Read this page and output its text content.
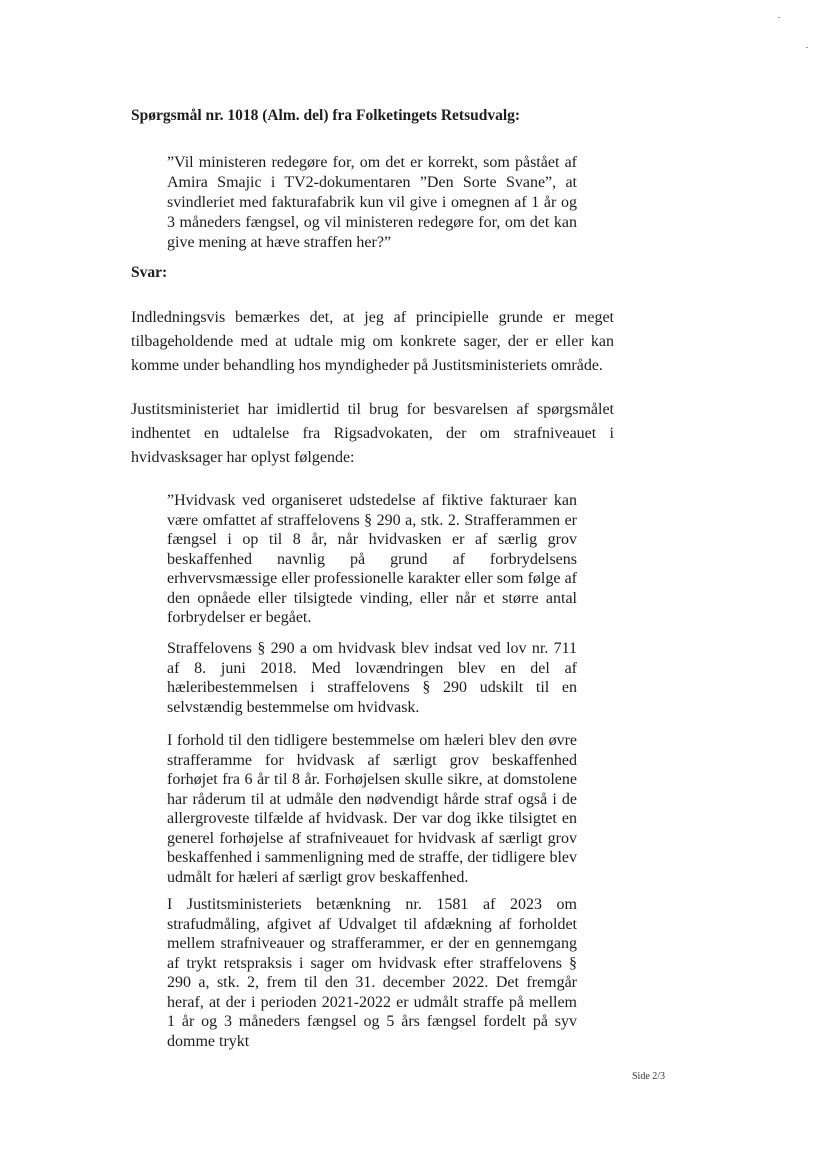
Spørgsmål nr. 1018 (Alm. del) fra Folketingets Retsudvalg:
”Vil ministeren redegøre for, om det er korrekt, som påstået af Amira Smajic i TV2-dokumentaren ”Den Sorte Svane”, at svindleriet med fakturafabrik kun vil give i omegnen af 1 år og 3 måneders fængsel, og vil ministeren redegøre for, om det kan give mening at hæve straffen her?”
Svar:
Indledningsvis bemærkes det, at jeg af principielle grunde er meget tilbageholdende med at udtale mig om konkrete sager, der er eller kan komme under behandling hos myndigheder på Justitsministeriets område.
Justitsministeriet har imidlertid til brug for besvarelsen af spørgsmålet indhentet en udtalelse fra Rigsadvokaten, der om strafniveauet i hvidvasksager har oplyst følgende:
”Hvidvask ved organiseret udstedelse af fiktive fakturaer kan være omfattet af straffelovens § 290 a, stk. 2. Strafferammen er fængsel i op til 8 år, når hvidvasken er af særlig grov beskaffenhed navnlig på grund af forbrydelsens erhvervsmæssige eller professionelle karakter eller som følge af den opnåede eller tilsigtede vinding, eller når et større antal forbrydelser er begået.
Straffelovens § 290 a om hvidvask blev indsat ved lov nr. 711 af 8. juni 2018. Med lovændringen blev en del af hæleribestemmelsen i straffelovens § 290 udskilt til en selvstændig bestemmelse om hvidvask.
I forhold til den tidligere bestemmelse om hæleri blev den øvre strafferamme for hvidvask af særligt grov beskaffenhed forhøjet fra 6 år til 8 år. Forhøjelsen skulle sikre, at domstolene har råderum til at udmåle den nødvendigt hårde straf også i de allergroveste tilfælde af hvidvask. Der var dog ikke tilsigtet en generel forhøjelse af strafniveauet for hvidvask af særligt grov beskaffenhed i sammenligning med de straffe, der tidligere blev udmålt for hæleri af særligt grov beskaffenhed.
I Justitsministeriets betænkning nr. 1581 af 2023 om strafudmåling, afgivet af Udvalget til afdækning af forholdet mellem strafniveauer og strafferammer, er der en gennemgang af trykt retspraksis i sager om hvidvask efter straffelovens § 290 a, stk. 2, frem til den 31. december 2022. Det fremgår heraf, at der i perioden 2021-2022 er udmålt straffe på mellem 1 år og 3 måneders fængsel og 5 års fængsel fordelt på syv domme trykt
Side 2/3
